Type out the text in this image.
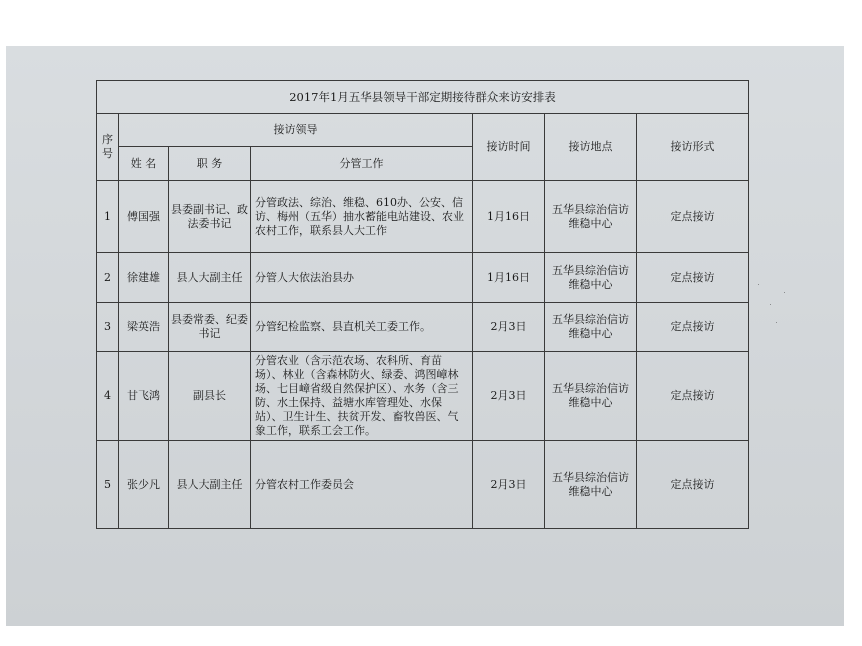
2017年1月五华县领导干部定期接待群众来访安排表						
序号	接访领导			接访时间	接访地点	接访形式
	姓 名	职 务	分管工作			
1	傅国强	县委副书记、政法委书记	分管政法、综治、维稳、610办、公安、信访、梅州（五华）抽水蓄能电站建设、农业农村工作，联系县人大工作	1月16日	五华县综治信访维稳中心	定点接访
2	徐建雄	县人大副主任	分管人大依法治县办	1月16日	五华县综治信访维稳中心	定点接访
3	梁英浩	县委常委、纪委书记	分管纪检监察、县直机关工委工作。	2月3日	五华县综治信访维稳中心	定点接访
4	甘飞鸿	副县长	分管农业（含示范农场、农科所、育苗场）、林业（含森林防火、绿委、鸿图嶂林场、七目嶂省级自然保护区）、水务（含三防、水土保持、益塘水库管理处、水保站）、卫生计生、扶贫开发、畜牧兽医、气象工作，联系工会工作。	2月3日	五华县综治信访维稳中心	定点接访
5	张少凡	县人大副主任	分管农村工作委员会	2月3日	五华县综治信访维稳中心	定点接访
